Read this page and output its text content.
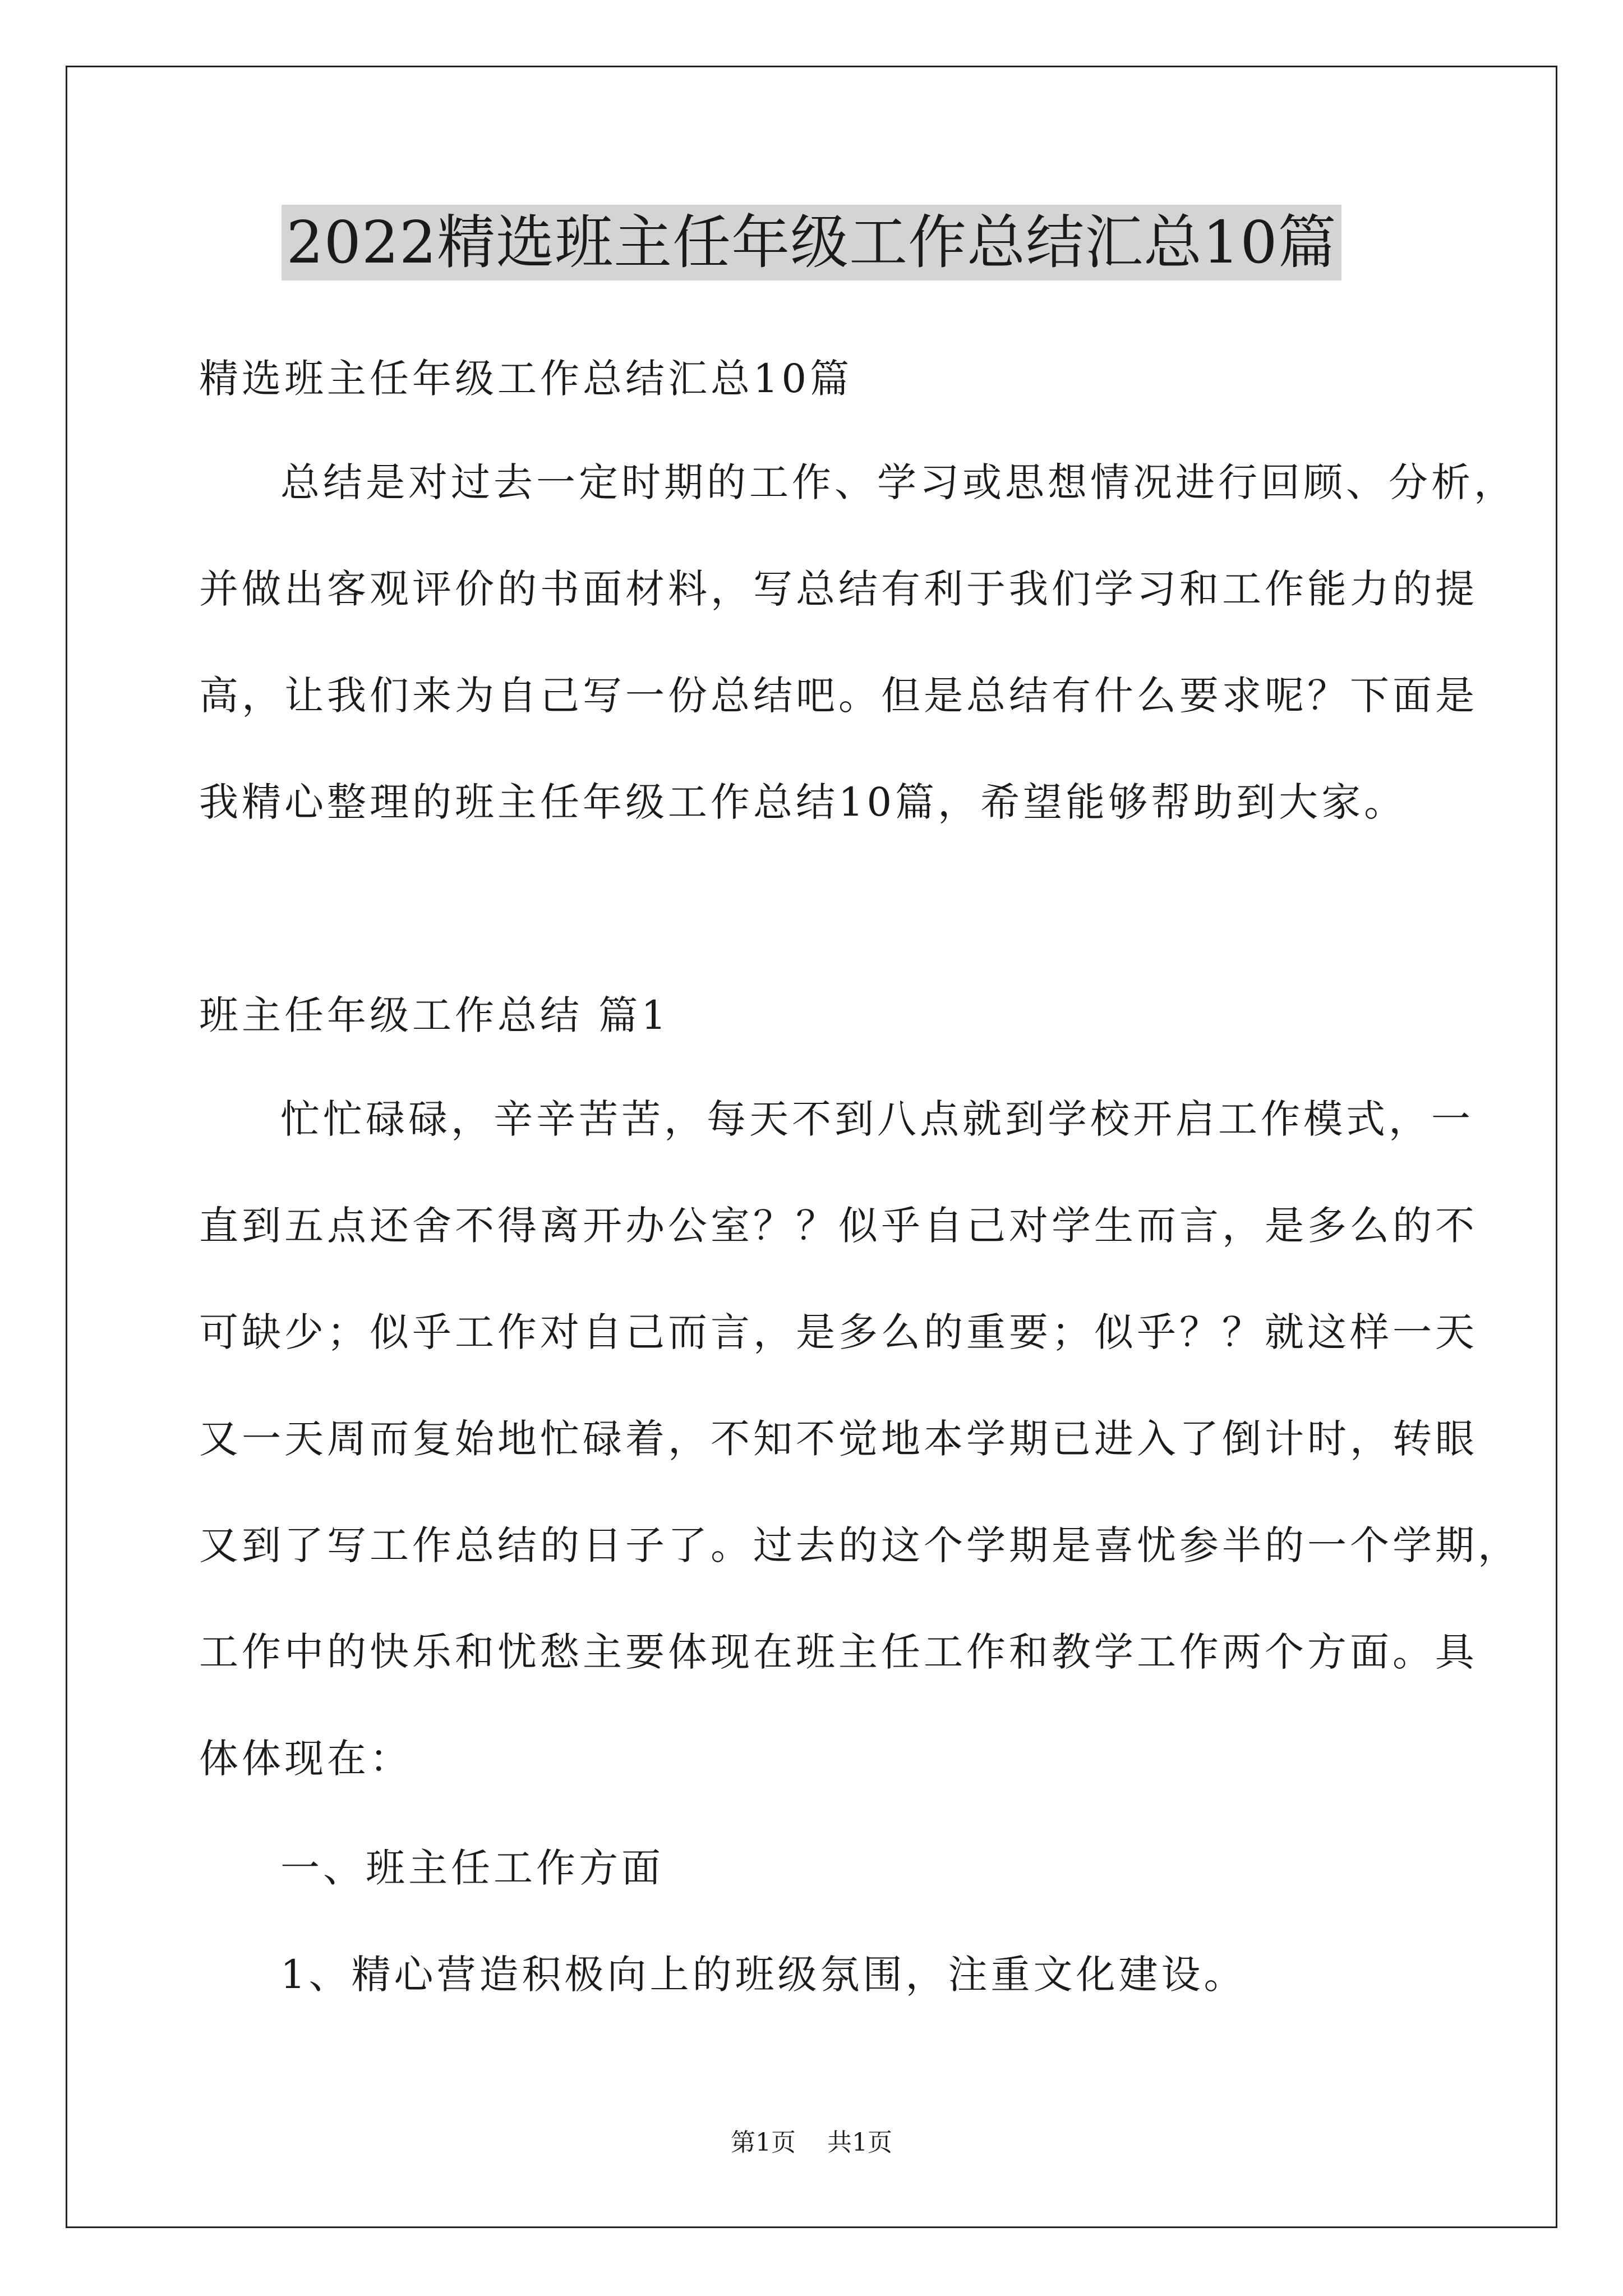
2022精选班主任年级工作总结汇总10篇
精选班主任年级工作总结汇总10篇
总结是对过去一定时期的工作、学习或思想情况进行回顾、分析，
并做出客观评价的书面材料，写总结有利于我们学习和工作能力的提
高，让我们来为自己写一份总结吧。但是总结有什么要求呢？下面是
我精心整理的班主任年级工作总结10篇，希望能够帮助到大家。
班主任年级工作总结 篇1
忙忙碌碌，辛辛苦苦，每天不到八点就到学校开启工作模式，一
直到五点还舍不得离开办公室？？似乎自己对学生而言，是多么的不
可缺少；似乎工作对自己而言，是多么的重要；似乎？？就这样一天
又一天周而复始地忙碌着，不知不觉地本学期已进入了倒计时，转眼
又到了写工作总结的日子了。过去的这个学期是喜忧参半的一个学期，
工作中的快乐和忧愁主要体现在班主任工作和教学工作两个方面。具
体体现在：
一、班主任工作方面
1、精心营造积极向上的班级氛围，注重文化建设。
第1页    共1页
